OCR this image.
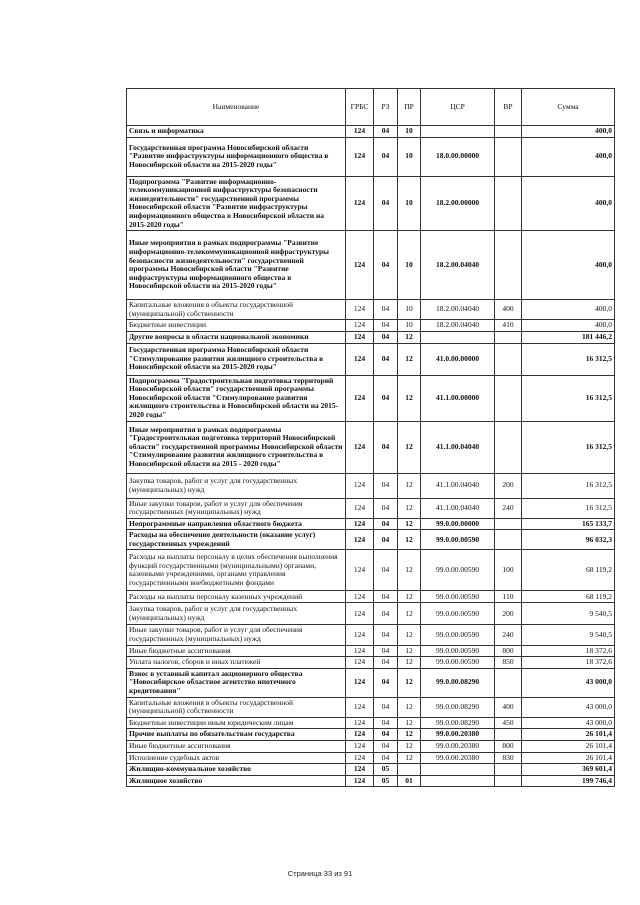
Наименование	ГРБС	РЗ	ПР	ЦСР	ВР	Сумма
Связь и информатика	124	04	10			400,0
Государственная программа Новосибирской области "Развитие инфраструктуры информационного общества в Новосибирской области на 2015-2020 годы"	124	04	10	18.0.00.00000		400,0
Подпрограмма "Развитие информационно-телекоммуникационной инфраструктуры безопасности жизнедеятельности" государственной программы Новосибирской области "Развитие инфраструктуры информационного общества в Новосибирской области на 2015-2020 годы"	124	04	10	18.2.00.00000		400,0
Иные мероприятия в рамках подпрограммы "Развитие информационно-телекоммуникационной инфраструктуры безопасности жизнедеятельности" государственной программы Новосибирской области "Развитие инфраструктуры информационного общества в Новосибирской области на 2015-2020 годы"	124	04	10	18.2.00.04040		400,0
Капитальные вложения в объекты государственной (муниципальной) собственности	124	04	10	18.2.00.04040	400	400,0
Бюджетные инвестиции	124	04	10	18.2.00.04040	410	400,0
Другие вопросы в области национальной экономики	124	04	12			181 446,2
Государственная программа Новосибирской области "Стимулирование развития жилищного строительства в Новосибирской области на 2015-2020 годы"	124	04	12	41.0.00.00000		16 312,5
Подпрограмма "Градостроительная подготовка территорий Новосибирской области" государственной программы Новосибирской области "Стимулирование развития жилищного строительства в Новосибирской области на 2015-2020 годы"	124	04	12	41.1.00.00000		16 312,5
Иные мероприятия в рамках подпрограммы "Градостроительная подготовка территорий Новосибирской области" государственной программы Новосибирской области "Стимулирование развития жилищного строительства в Новосибирской области на 2015 - 2020 годы"	124	04	12	41.1.00.04040		16 312,5
Закупка товаров, работ и услуг для государственных (муниципальных) нужд	124	04	12	41.1.00.04040	200	16 312,5
Иные закупки товаров, работ и услуг для обеспечения государственных (муниципальных) нужд	124	04	12	41.1.00.04040	240	16 312,5
Непрограммные направления областного бюджета	124	04	12	99.0.00.00000		165 133,7
Расходы на обеспечение деятельности (оказание услуг) государственных учреждений	124	04	12	99.0.00.00590		96 032,3
Расходы на выплаты персоналу в целях обеспечения выполнения функций государственными (муниципальными) органами, казенными учреждениями, органами управления государственными внебюджетными фондами	124	04	12	99.0.00.00590	100	68 119,2
Расходы на выплаты персоналу казенных учреждений	124	04	12	99.0.00.00590	110	68 119,2
Закупка товаров, работ и услуг для государственных (муниципальных) нужд	124	04	12	99.0.00.00590	200	9 540,5
Иные закупки товаров, работ и услуг для обеспечения государственных (муниципальных) нужд	124	04	12	99.0.00.00590	240	9 540,5
Иные бюджетные ассигнования	124	04	12	99.0.00.00590	800	18 372,6
Уплата налогов, сборов и иных платежей	124	04	12	99.0.00.00590	850	18 372,6
Взнос в уставный капитал акционерного общества "Новосибирское областное агентство ипотечного кредитования"	124	04	12	99.0.00.08290		43 000,0
Капитальные вложения в объекты государственной (муниципальной) собственности	124	04	12	99.0.00.08290	400	43 000,0
Бюджетные инвестиции иным юридическим лицам	124	04	12	99.0.00.08290	450	43 000,0
Прочие выплаты по обязательствам государства	124	04	12	99.0.00.20380		26 101,4
Иные бюджетные ассигнования	124	04	12	99.0.00.20380	800	26 101,4
Исполнение судебных актов	124	04	12	99.0.00.20380	830	26 101,4
Жилищно-коммунальное хозяйство	124	05				369 601,4
Жилищное хозяйство	124	05	01			199 746,4
Страница 33 из 91
